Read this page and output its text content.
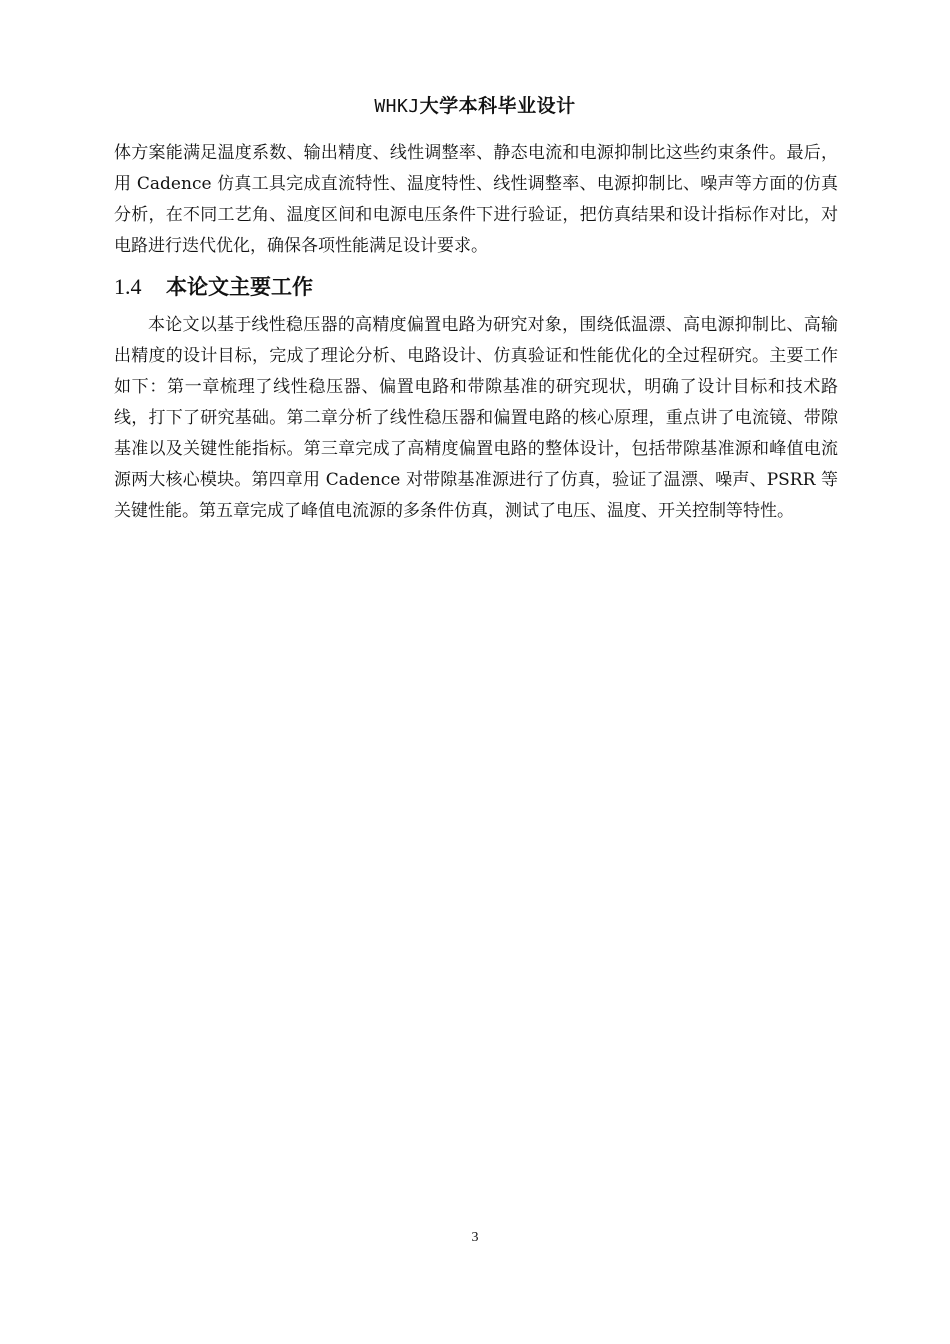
WHKJ大学本科毕业设计

体方案能满足温度系数、输出精度、线性调整率、静态电流和电源抑制比这些约束条件。最后，用 Cadence 仿真工具完成直流特性、温度特性、线性调整率、电源抑制比、噪声等方面的仿真分析，在不同工艺角、温度区间和电源电压条件下进行验证，把仿真结果和设计指标作对比，对电路进行迭代优化，确保各项性能满足设计要求。

1.4 本论文主要工作

本论文以基于线性稳压器的高精度偏置电路为研究对象，围绕低温漂、高电源抑制比、高输出精度的设计目标，完成了理论分析、电路设计、仿真验证和性能优化的全过程研究。主要工作如下：第一章梳理了线性稳压器、偏置电路和带隙基准的研究现状，明确了设计目标和技术路线，打下了研究基础。第二章分析了线性稳压器和偏置电路的核心原理，重点讲了电流镜、带隙基准以及关键性能指标。第三章完成了高精度偏置电路的整体设计，包括带隙基准源和峰值电流源两大核心模块。第四章用 Cadence 对带隙基准源进行了仿真，验证了温漂、噪声、PSRR 等关键性能。第五章完成了峰值电流源的多条件仿真，测试了电压、温度、开关控制等特性。

3
